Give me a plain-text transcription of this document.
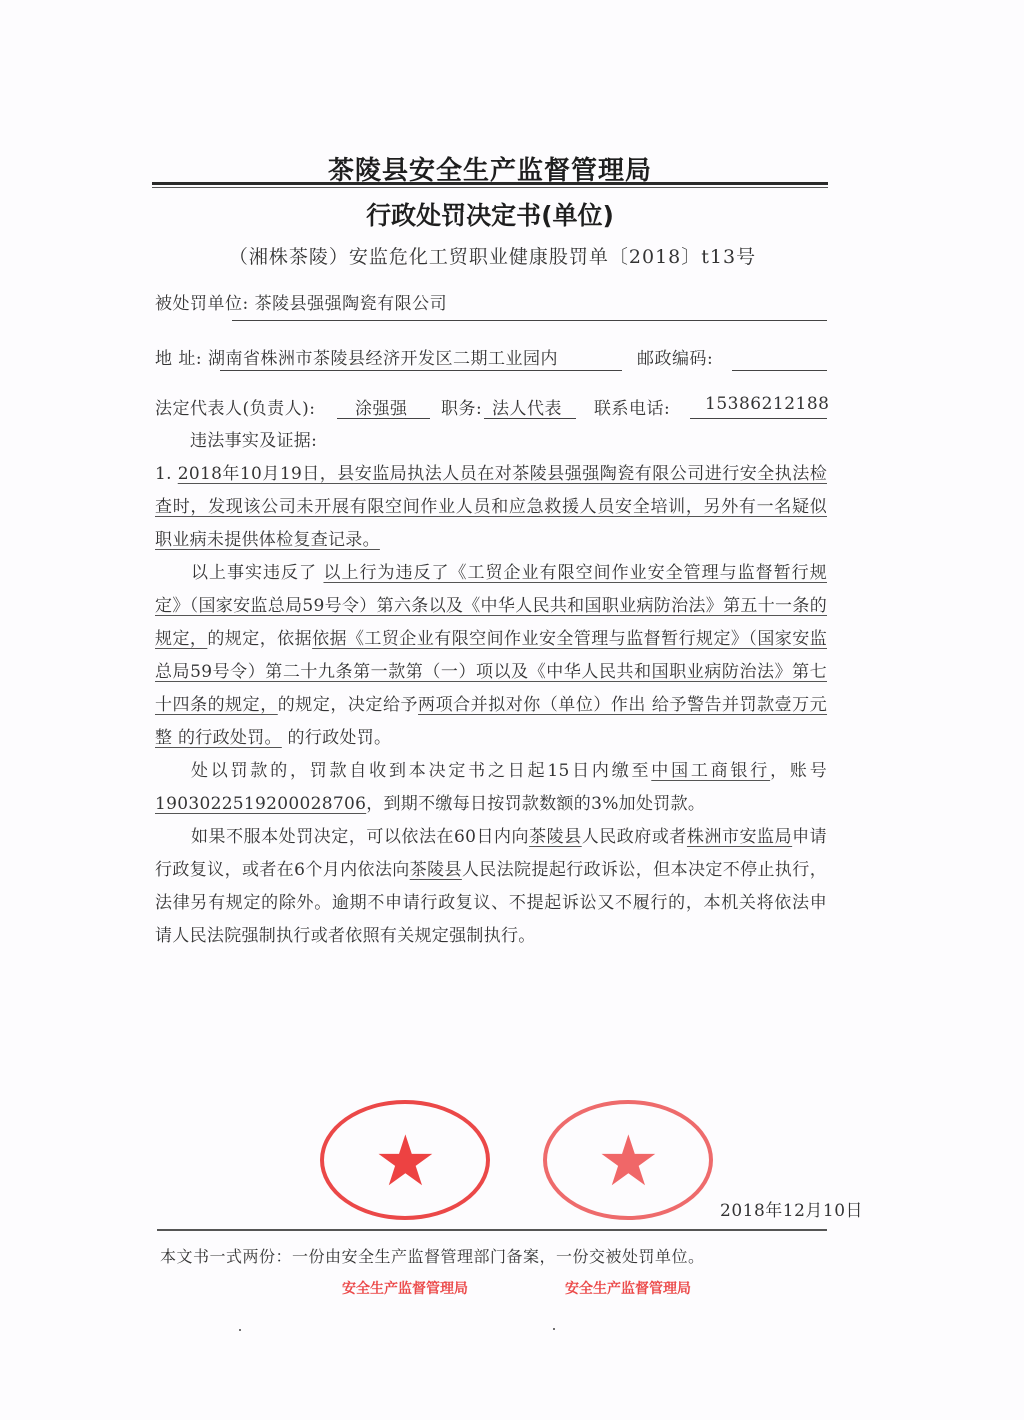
茶陵县安全生产监督管理局
行政处罚决定书(单位)
（湘株茶陵）安监危化工贸职业健康股罚单〔2018〕t13号
被处罚单位: 茶陵县强强陶瓷有限公司
地 址: 湖南省株洲市茶陵县经济开发区二期工业园内	邮政编码:
法定代表人(负责人): 涂强强 职务: 法人代表 联系电话: 15386212188

违法事实及证据:

1. 2018年10月19日，县安监局执法人员在对茶陵县强强陶瓷有限公司进行安全执法检查时，发现该公司未开展有限空间作业人员和应急救援人员安全培训，另外有一名疑似职业病未提供体检复查记录。

以上事实违反了 以上行为违反了《工贸企业有限空间作业安全管理与监督暂行规定》（国家安监总局59号令）第六条以及《中华人民共和国职业病防治法》第五十一条的规定，的规定，依据依据《工贸企业有限空间作业安全管理与监督暂行规定》（国家安监总局59号令）第二十九条第一款第（一）项以及《中华人民共和国职业病防治法》第七十四条的规定，的规定，决定给予两项合并拟对你（单位）作出 给予警告并罚款壹万元整 的行政处罚。 的行政处罚。

处以罚款的，罚款自收到本决定书之日起15日内缴至中国工商银行，账号190302251920002870​6，到期不缴每日按罚款数额的3%加处罚款。

如果不服本处罚决定，可以依法在60日内向茶陵县人民政府或者株洲市安监局申请行政复议，或者在6个月内依法向茶陵县人民法院提起行政诉讼，但本决定不停止执行，法律另有规定的除外。逾期不申请行政复议、不提起诉讼又不履行的，本机关将依法申请人民法院强制执行或者依照有关规定强制执行。

★ ★
安全生产监督管理局	安全生产监督管理局
2018年12月10日
本文书一式两份：一份由安全生产监督管理部门备案，一份交被处罚单位。
